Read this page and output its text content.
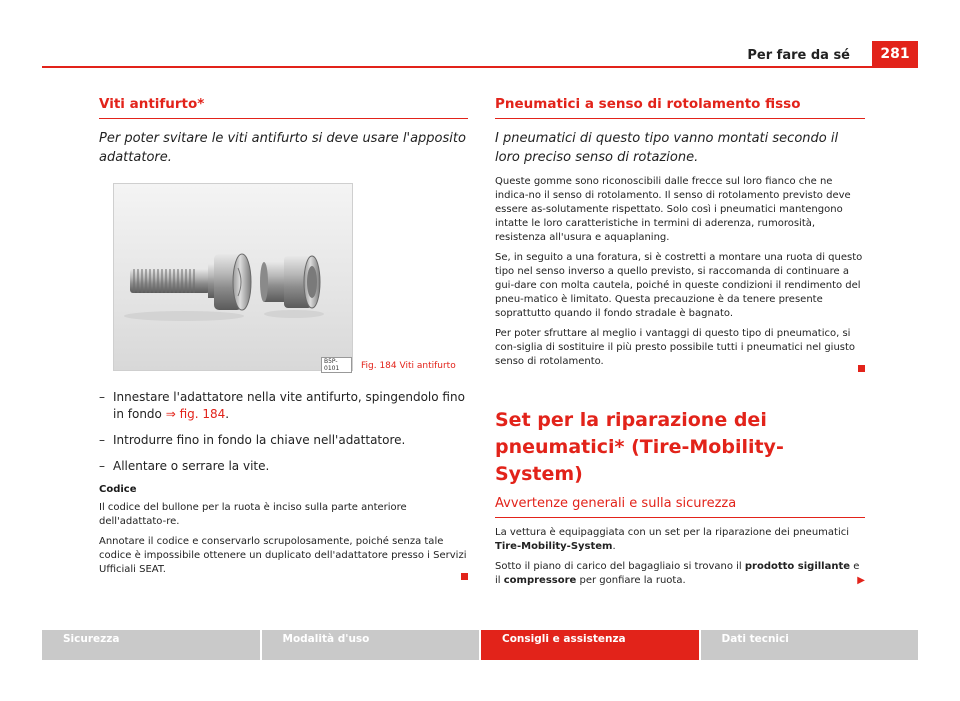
Per fare da sé	281
Viti antifurto*
Per poter svitare le viti antifurto si deve usare l'apposito adattatore.
B5P-0101	Fig. 184 Viti antifurto
– Innestare l'adattatore nella vite antifurto, spingendolo fino in fondo ⇒ fig. 184.
– Introdurre fino in fondo la chiave nell'adattatore.
– Allentare o serrare la vite.
Codice
Il codice del bullone per la ruota è inciso sulla parte anteriore dell'adattato-re.
Annotare il codice e conservarlo scrupolosamente, poiché senza tale codice è impossibile ottenere un duplicato dell'adattatore presso i Servizi Ufficiali SEAT.
Pneumatici a senso di rotolamento fisso
I pneumatici di questo tipo vanno montati secondo il loro preciso senso di rotazione.
Queste gomme sono riconoscibili dalle frecce sul loro fianco che ne indica-no il senso di rotolamento. Il senso di rotolamento previsto deve essere as-solutamente rispettato. Solo così i pneumatici mantengono intatte le loro caratteristiche in termini di aderenza, rumorosità, resistenza all'usura e aquaplaning.
Se, in seguito a una foratura, si è costretti a montare una ruota di questo tipo nel senso inverso a quello previsto, si raccomanda di continuare a gui-dare con molta cautela, poiché in queste condizioni il rendimento del pneu-matico è limitato. Questa precauzione è da tenere presente soprattutto quando il fondo stradale è bagnato.
Per poter sfruttare al meglio i vantaggi di questo tipo di pneumatico, si con-siglia di sostituire il più presto possibile tutti i pneumatici nel giusto senso di rotolamento.
Set per la riparazione dei pneumatici* (Tire-Mobility-System)
Avvertenze generali e sulla sicurezza
La vettura è equipaggiata con un set per la riparazione dei pneumatici Tire-Mobility-System.
Sotto il piano di carico del bagagliaio si trovano il prodotto sigillante e il compressore per gonfiare la ruota.	▶
Sicurezza	Modalità d'uso	Consigli e assistenza	Dati tecnici
